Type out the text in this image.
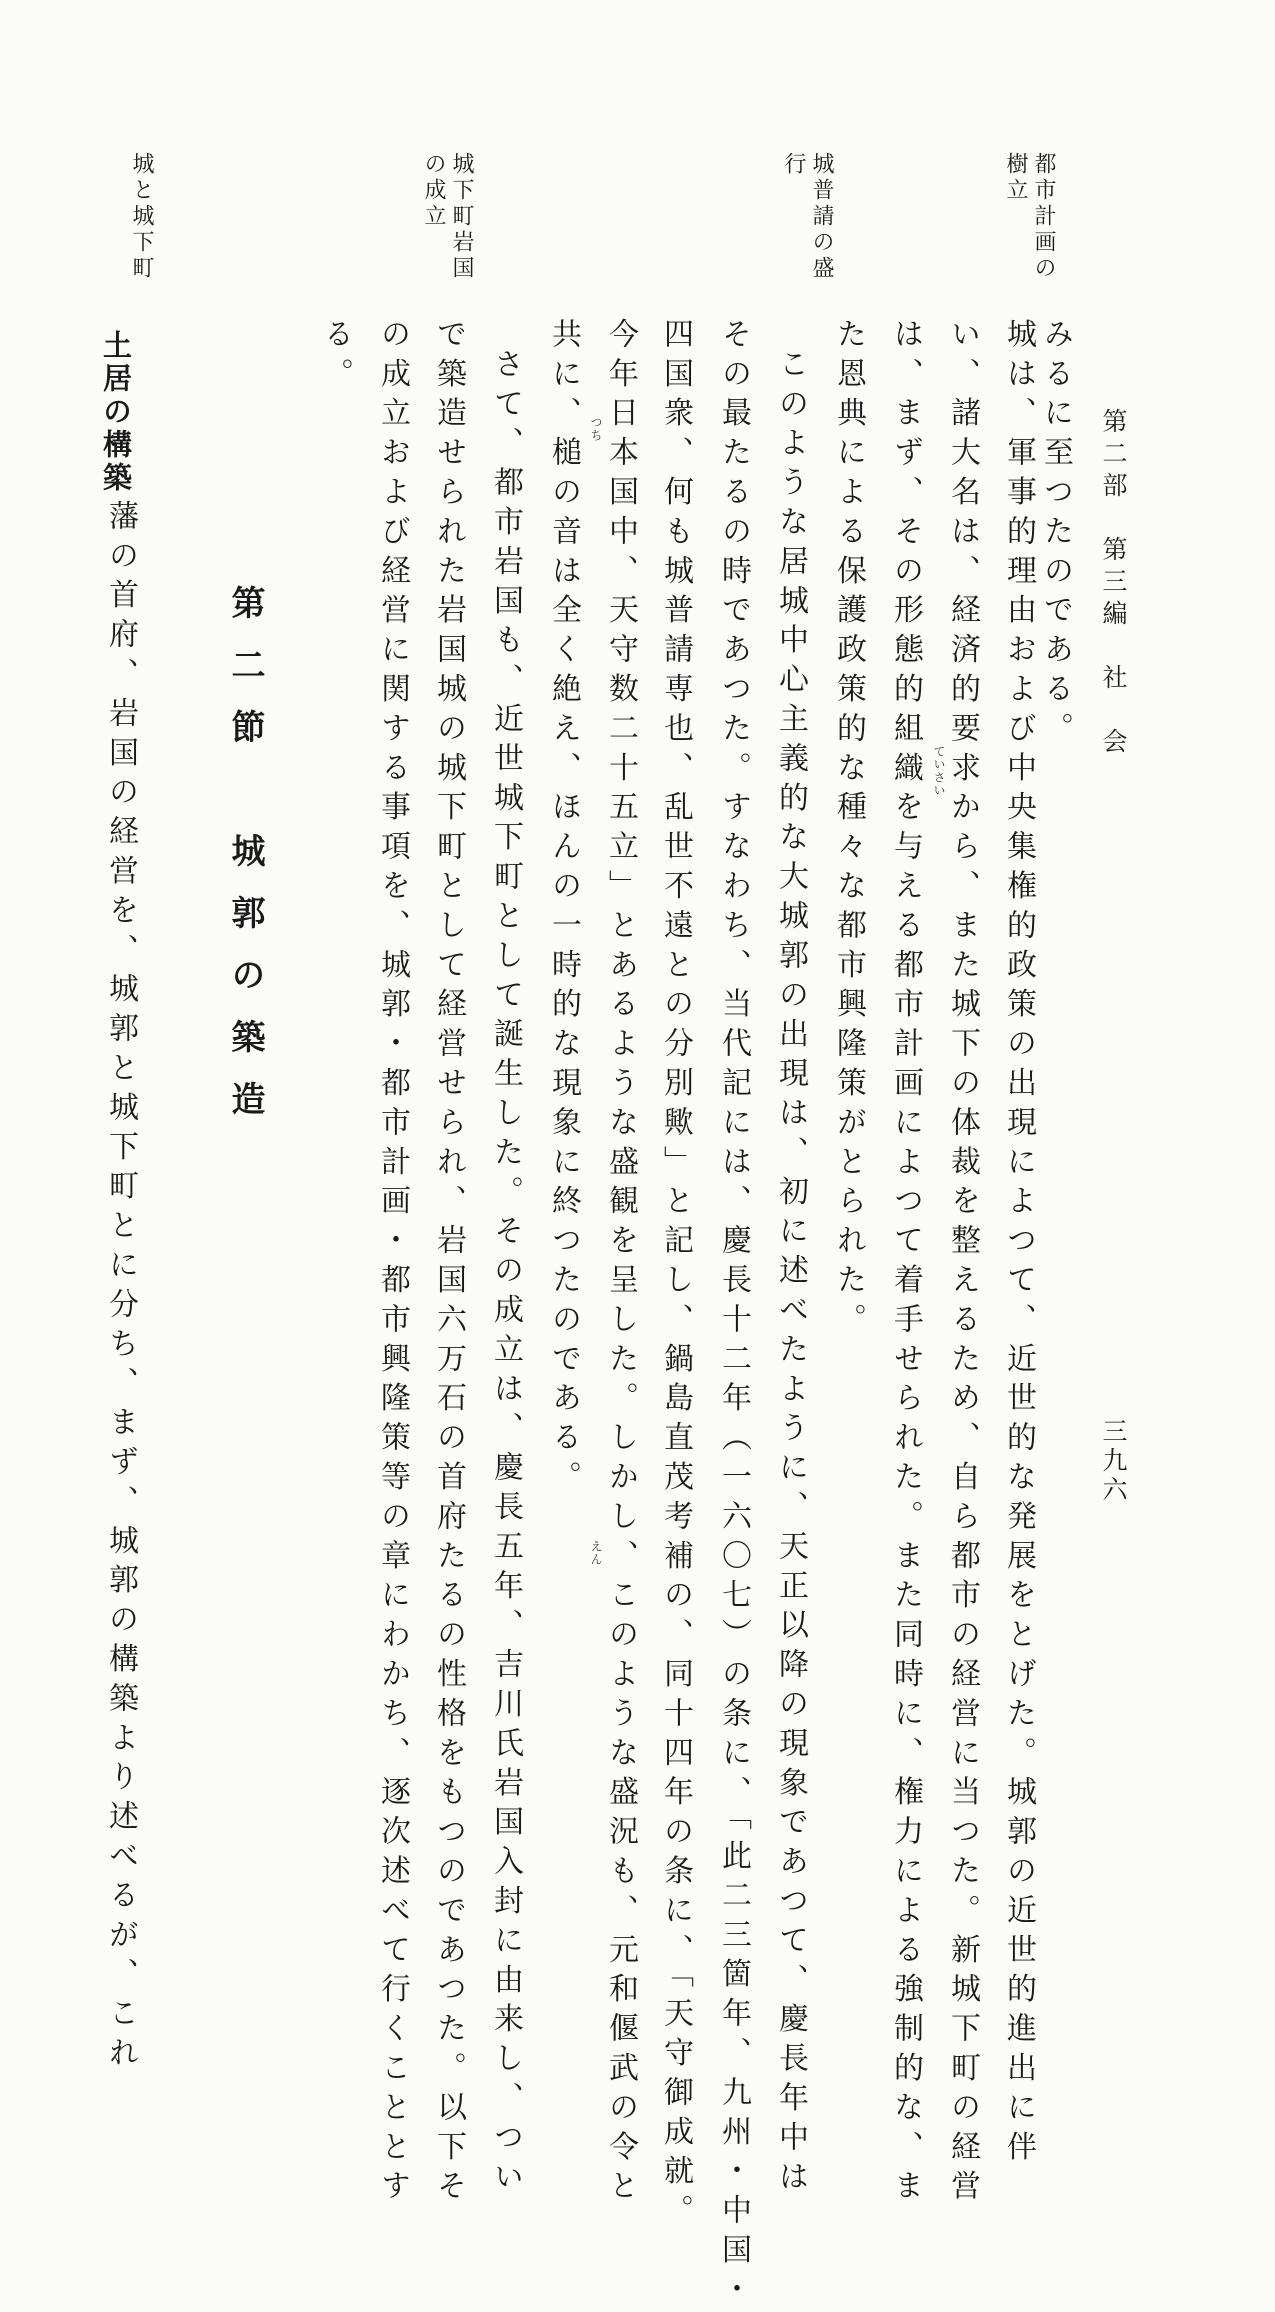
第二部　第三編　社　会
三九六
都市計画の樹立
城普請の盛行
城下町岩国の成立
城と城下町
みるに至つたのである。
城は、軍事的理由および中央集権的政策の出現によつて、近世的な発展をとげた。城郭の近世的進出に伴
い、諸大名は、経済的要求から、また城下の体裁を整えるため、自ら都市の経営に当つた。新城下町の経営
ていさい
は、まず、その形態的組織を与える都市計画によつて着手せられた。また同時に、権力による強制的な、ま
た恩典による保護政策的な種々な都市興隆策がとられた。
このような居城中心主義的な大城郭の出現は、初に述べたように、天正以降の現象であつて、慶長年中は
その最たるの時であつた。すなわち、当代記には、慶長十二年（一六〇七）の条に、「此二三箇年、九州・中国・
四国衆、何も城普請専也、乱世不遠との分別歟」と記し、鍋島直茂考補の、同十四年の条に、「天守御成就。
今年日本国中、天守数二十五立」とあるような盛観を呈した。しかし、このような盛況も、元和偃武の令と
つち
えん
共に、槌の音は全く絶え、ほんの一時的な現象に終つたのである。
さて、都市岩国も、近世城下町として誕生した。その成立は、慶長五年、吉川氏岩国入封に由来し、つい
で築造せられた岩国城の城下町として経営せられ、岩国六万石の首府たるの性格をもつのであつた。以下そ
の成立および経営に関する事項を、城郭・都市計画・都市興隆策等の章にわかち、逐次述べて行くこととす
る。
第二節　城郭の築造
土居の構築
藩の首府、岩国の経営を、城郭と城下町とに分ち、まず、城郭の構築より述べるが、これ
